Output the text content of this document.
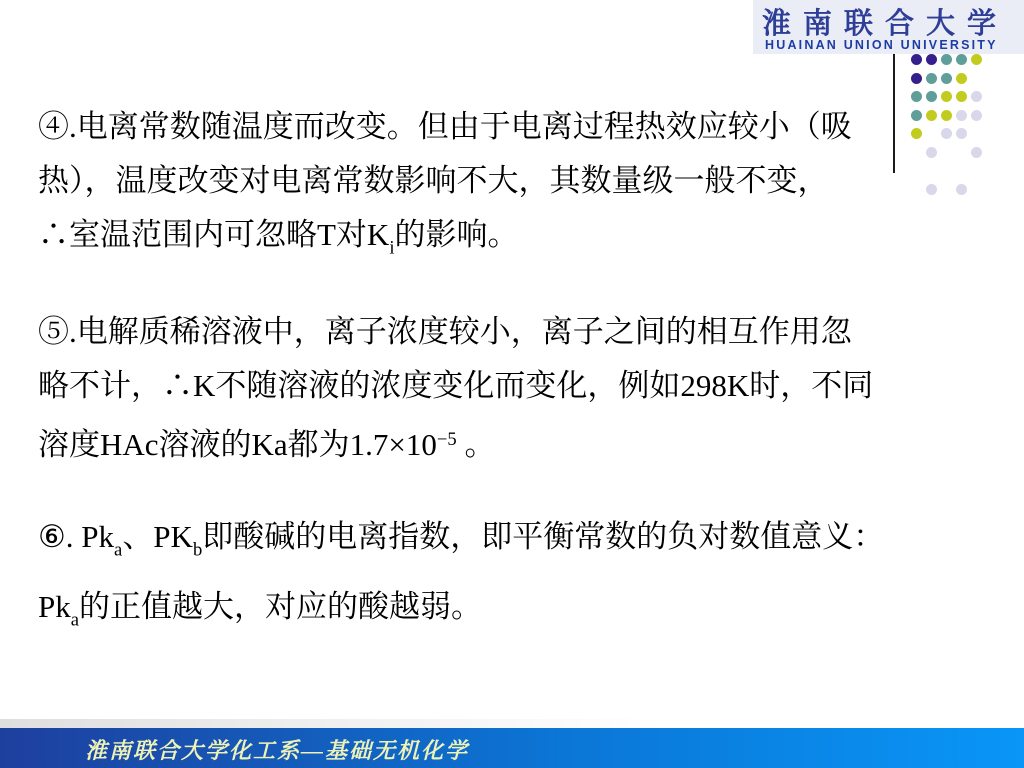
淮南联合大学
HUAINAN UNION UNIVERSITY
④.电离常数随温度而改变。但由于电离过程热效应较小（吸
热），温度改变对电离常数影响不大，其数量级一般不变，
∴室温范围内可忽略T对$K_i$的影响。
⑤.电解质稀溶液中，离子浓度较小，离子之间的相互作用忽
略不计，∴K不随溶液的浓度变化而变化，例如298K时，不同
溶度HAc溶液的Ka都为$1.7\times 10^{-5}$ 。
⑥. $Pk_a$、$PK_b$即酸碱的电离指数，即平衡常数的负对数值意义：
$Pk_a$的正值越大，对应的酸越弱。
淮南联合大学化工系—基础无机化学
